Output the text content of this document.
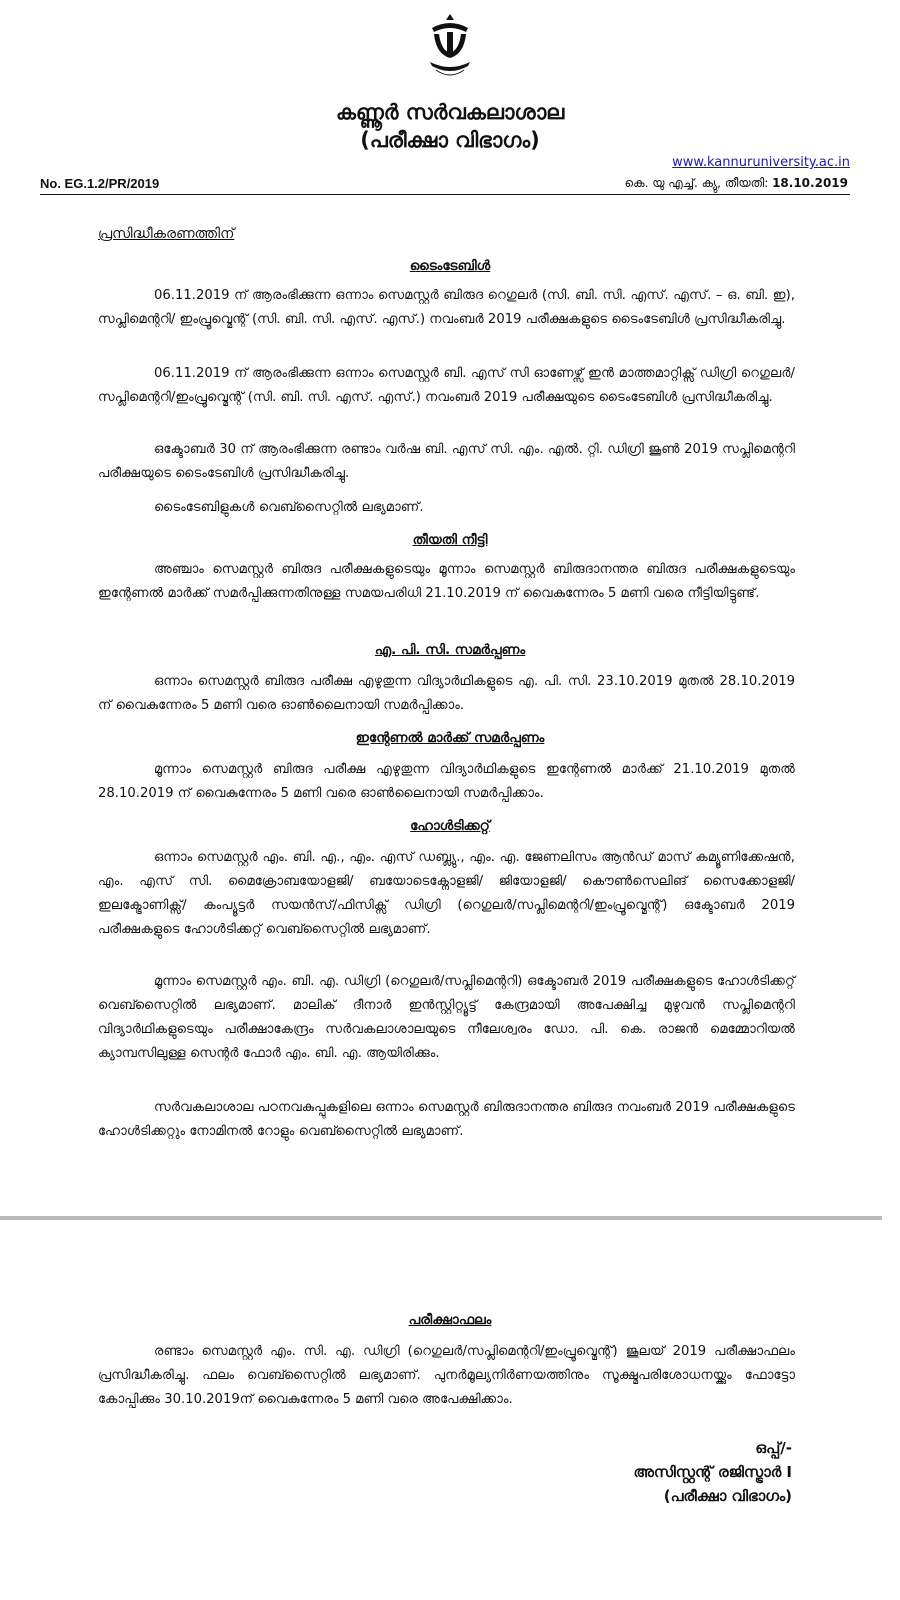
കണ്ണൂർ സർവകലാശാല
(പരീക്ഷാ വിഭാഗം)
www.kannuruniversity.ac.in
No. EG.1.2/PR/2019	കെ. യു എച്ച്. ക്യു, തീയതി: 18.10.2019
പ്രസിദ്ധീകരണത്തിന്
ടൈംടേബിൾ
06.11.2019 ന് ആരംഭിക്കുന്ന ഒന്നാം സെമസ്റ്റർ ബിരുദ റെഗുലർ (സി. ബി. സി. എസ്. എസ്. – ഒ. ബി. ഇ), സപ്ലിമെന്ററി/ ഇംപ്രൂവ്മെന്റ് (സി. ബി. സി. എസ്. എസ്.) നവംബർ 2019 പരീക്ഷകളുടെ ടൈംടേബിൾ പ്രസിദ്ധീകരിച്ചു.
06.11.2019 ന് ആരംഭിക്കുന്ന ഒന്നാം സെമസ്റ്റർ ബി. എസ് സി ഓണേഴ്സ് ഇൻ മാത്തമാറ്റിക്സ് ഡിഗ്രി റെഗുലർ/സപ്ലിമെന്ററി/ഇംപ്രൂവ്മെന്റ് (സി. ബി. സി. എസ്. എസ്.) നവംബർ 2019 പരീക്ഷയുടെ ടൈംടേബിൾ പ്രസിദ്ധീകരിച്ചു.
ഒക്ടോബർ 30 ന് ആരംഭിക്കുന്ന രണ്ടാം വർഷ ബി. എസ് സി. എം. എൽ. റ്റി. ഡിഗ്രി ജൂൺ 2019 സപ്ലിമെന്ററി പരീക്ഷയുടെ ടൈംടേബിൾ പ്രസിദ്ധീകരിച്ചു.
ടൈംടേബിളുകൾ വെബ്സൈറ്റിൽ ലഭ്യമാണ്.
തീയതി നീട്ടി
അഞ്ചാം സെമസ്റ്റർ ബിരുദ പരീക്ഷകളുടെയും മൂന്നാം സെമസ്റ്റർ ബിരുദാനന്തര ബിരുദ പരീക്ഷകളുടെയും ഇന്റേണൽ മാർക്ക് സമർപ്പിക്കുന്നതിനുള്ള സമയപരിധി 21.10.2019 ന് വൈകുന്നേരം 5 മണി വരെ നീട്ടിയിട്ടുണ്ട്.
എ. പി. സി. സമർപ്പണം
ഒന്നാം സെമസ്റ്റർ ബിരുദ പരീക്ഷ എഴുതുന്ന വിദ്യാർഥികളുടെ എ. പി. സി. 23.10.2019 മുതൽ 28.10.2019 ന് വൈകുന്നേരം 5 മണി വരെ ഓൺലൈനായി സമർപ്പിക്കാം.
ഇന്റേണൽ മാർക്ക് സമർപ്പണം
മൂന്നാം സെമസ്റ്റർ ബിരുദ പരീക്ഷ എഴുതുന്ന വിദ്യാർഥികളുടെ ഇന്റേണൽ മാർക്ക് 21.10.2019 മുതൽ 28.10.2019 ന് വൈകുന്നേരം 5 മണി വരെ ഓൺലൈനായി സമർപ്പിക്കാം.
ഹോൾടിക്കറ്റ്
ഒന്നാം സെമസ്റ്റർ എം. ബി. എ., എം. എസ് ഡബ്ല്യു., എം. എ. ജേണലിസം ആൻഡ് മാസ് കമ്യൂണിക്കേഷൻ, എം. എസ് സി. മൈക്രോബയോളജി/ ബയോടെക്നോളജി/ ജിയോളജി/ കൌൺസെലിങ് സൈക്കോളജി/ ഇലക്ട്രോണിക്സ്/ കംപ്യൂട്ടർ സയൻസ്/ഫിസിക്സ് ഡിഗ്രി (റെഗുലർ/സപ്ലിമെന്ററി/ഇംപ്രൂവ്മെന്റ്) ഒക്ടോബർ 2019 പരീക്ഷകളുടെ ഹോൾടിക്കറ്റ് വെബ്സൈറ്റിൽ ലഭ്യമാണ്.
മൂന്നാം സെമസ്റ്റർ എം. ബി. എ. ഡിഗ്രി (റെഗുലർ/സപ്ലിമെന്ററി) ഒക്ടോബർ 2019 പരീക്ഷകളുടെ ഹോൾടിക്കറ്റ് വെബ്സൈറ്റിൽ ലഭ്യമാണ്. മാലിക് ദീനാർ ഇൻസ്റ്റിറ്റ്യൂട്ട് കേന്ദ്രമായി അപേക്ഷിച്ച മുഴുവൻ സപ്ലിമെന്ററി വിദ്യാർഥികളുടെയും പരീക്ഷാകേന്ദ്രം സർവകലാശാലയുടെ നീലേശ്വരം ഡോ. പി. കെ. രാജൻ മെമ്മോറിയൽ ക്യാമ്പസിലുള്ള സെന്റർ ഫോർ എം. ബി. എ. ആയിരിക്കും.
സർവകലാശാല പഠനവകുപ്പുകളിലെ ഒന്നാം സെമസ്റ്റർ ബിരുദാനന്തര ബിരുദ നവംബർ 2019 പരീക്ഷകളുടെ ഹോൾടിക്കറ്റും നോമിനൽ റോളും വെബ്സൈറ്റിൽ ലഭ്യമാണ്.
പരീക്ഷാഫലം
രണ്ടാം സെമസ്റ്റർ എം. സി. എ. ഡിഗ്രി (റെഗുലർ/സപ്ലിമെന്ററി/ഇംപ്രൂവ്മെന്റ്) ജൂലയ് 2019 പരീക്ഷാഫലം പ്രസിദ്ധീകരിച്ചു. ഫലം വെബ്സൈറ്റിൽ ലഭ്യമാണ്. പുനർമൂല്യനിർണയത്തിനും സൂക്ഷ്മപരിശോധനയ്ക്കും ഫോട്ടോ കോപ്പിക്കും 30.10.2019ന് വൈകുന്നേരം 5 മണി വരെ അപേക്ഷിക്കാം.
ഒപ്പ്/-
അസിസ്റ്റന്റ് രജിസ്ട്രാർ I
(പരീക്ഷാ വിഭാഗം)
